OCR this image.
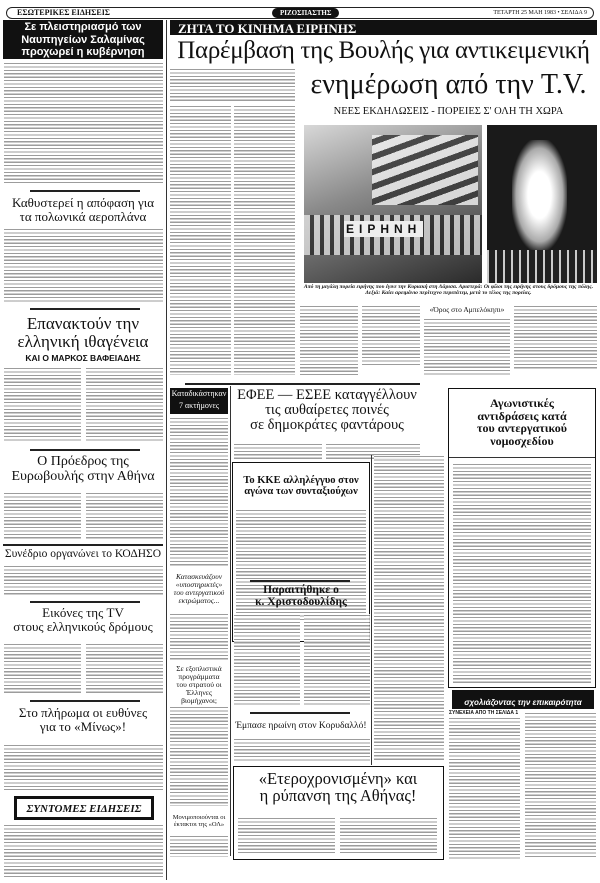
ΕΣΩΤΕΡΙΚΕΣ ΕΙΔΗΣΕΙΣ	ΡΙΖΟΣΠΑΣΤΗΣ	ΤΕΤΑΡΤΗ 25 ΜΑΗ 1983 • ΣΕΛΙΔΑ 9
Σε πλειστηριασμό των
Ναυπηγείων Σαλαμίνας
προχωρεί η κυβέρνηση
Καθυστερεί η απόφαση για
τα πολωνικά αεροπλάνα
Επανακτούν την
ελληνική ιθαγένεια
ΚΑΙ Ο ΜΑΡΚΟΣ ΒΑΦΕΙΑΔΗΣ
Ο Πρόεδρος της
Ευρωβουλής στην Αθήνα
Συνέδριο οργανώνει το ΚΟΔΗΣΟ
Εικόνες της TV
στους ελληνικούς δρόμους
Στο πλήρωμα οι ευθύνες
για το «Μίνως»!
ΣΥΝΤΟΜΕΣ ΕΙΔΗΣΕΙΣ
ΖΗΤΑ ΤΟ ΚΙΝΗΜΑ ΕΙΡΗΝΗΣ
Παρέμβαση της Βουλής για αντικειμενική
ενημέρωση από την T.V.
ΝΕΕΣ ΕΚΔΗΛΩΣΕΙΣ - ΠΟΡΕΙΕΣ Σ' ΟΛΗ ΤΗ ΧΩΡΑ
ΕΙΡΗΝΗ
Από τη μεγάλη πορεία ειρήνης που έγινε την Κυριακή στη Λάρισα. Αριστερά: Οι φίλοι της ειρήνης στους δρόμους της πόλης.
Δεξιά: Καίει αρειμάνιο περίτεχνο περιπάτεμ, μετά το τέλος της πορείας.
«Όρος στο Αμπελόκηπι»
Καταδικάστηκαν
7 ακτήμονες
Κατασκευάζουν
«υποστηρικτές»
του αντεργατικού
εκτρώματος...
Σε εξοπλιστικά
προγράμματα
του στρατού οι
Έλληνες βιομήχανοι;
Μονιμοποιούνται οι
έκτακτοι της «ΟΛ»
ΕΦΕΕ — ΕΣΕΕ καταγγέλλουν
τις αυθαίρετες ποινές
σε δημοκράτες φαντάρους
Το ΚΚΕ αλληλέγγυο στον
αγώνα των συνταξιούχων
Παραιτήθηκε ο
κ. Χριστοδουλίδης
Έμπασε ηρωίνη στον Κορυδαλλό!
«Ετεροχρονισμένη» και
η ρύπανση της Αθήνας!
Αγωνιστικές
αντιδράσεις κατά
του αντεργατικού
νομοσχεδίου
σχολιάζοντας την επικαιρότητα
ΣΥΝΕΧΕΙΑ ΑΠΟ ΤΗ ΣΕΛΙΔΑ 1
